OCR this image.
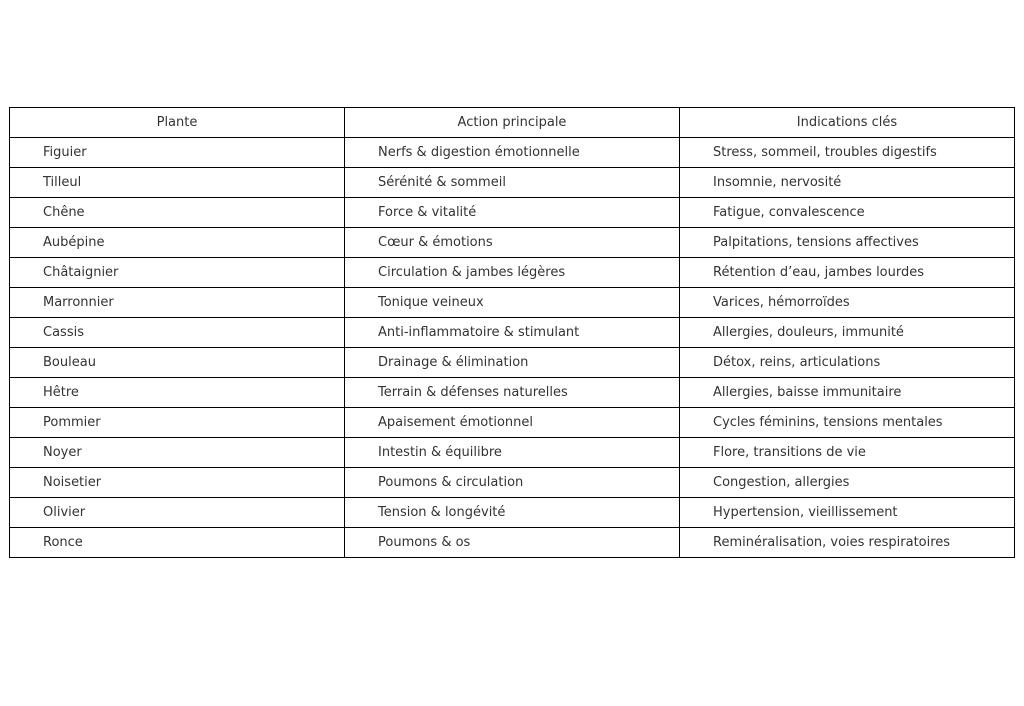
Plante	Action principale	Indications clés
Figuier	Nerfs & digestion émotionnelle	Stress, sommeil, troubles digestifs
Tilleul	Sérénité & sommeil	Insomnie, nervosité
Chêne	Force & vitalité	Fatigue, convalescence
Aubépine	Cœur & émotions	Palpitations, tensions affectives
Châtaignier	Circulation & jambes légères	Rétention d’eau, jambes lourdes
Marronnier	Tonique veineux	Varices, hémorroïdes
Cassis	Anti-inflammatoire & stimulant	Allergies, douleurs, immunité
Bouleau	Drainage & élimination	Détox, reins, articulations
Hêtre	Terrain & défenses naturelles	Allergies, baisse immunitaire
Pommier	Apaisement émotionnel	Cycles féminins, tensions mentales
Noyer	Intestin & équilibre	Flore, transitions de vie
Noisetier	Poumons & circulation	Congestion, allergies
Olivier	Tension & longévité	Hypertension, vieillissement
Ronce	Poumons & os	Reminéralisation, voies respiratoires
